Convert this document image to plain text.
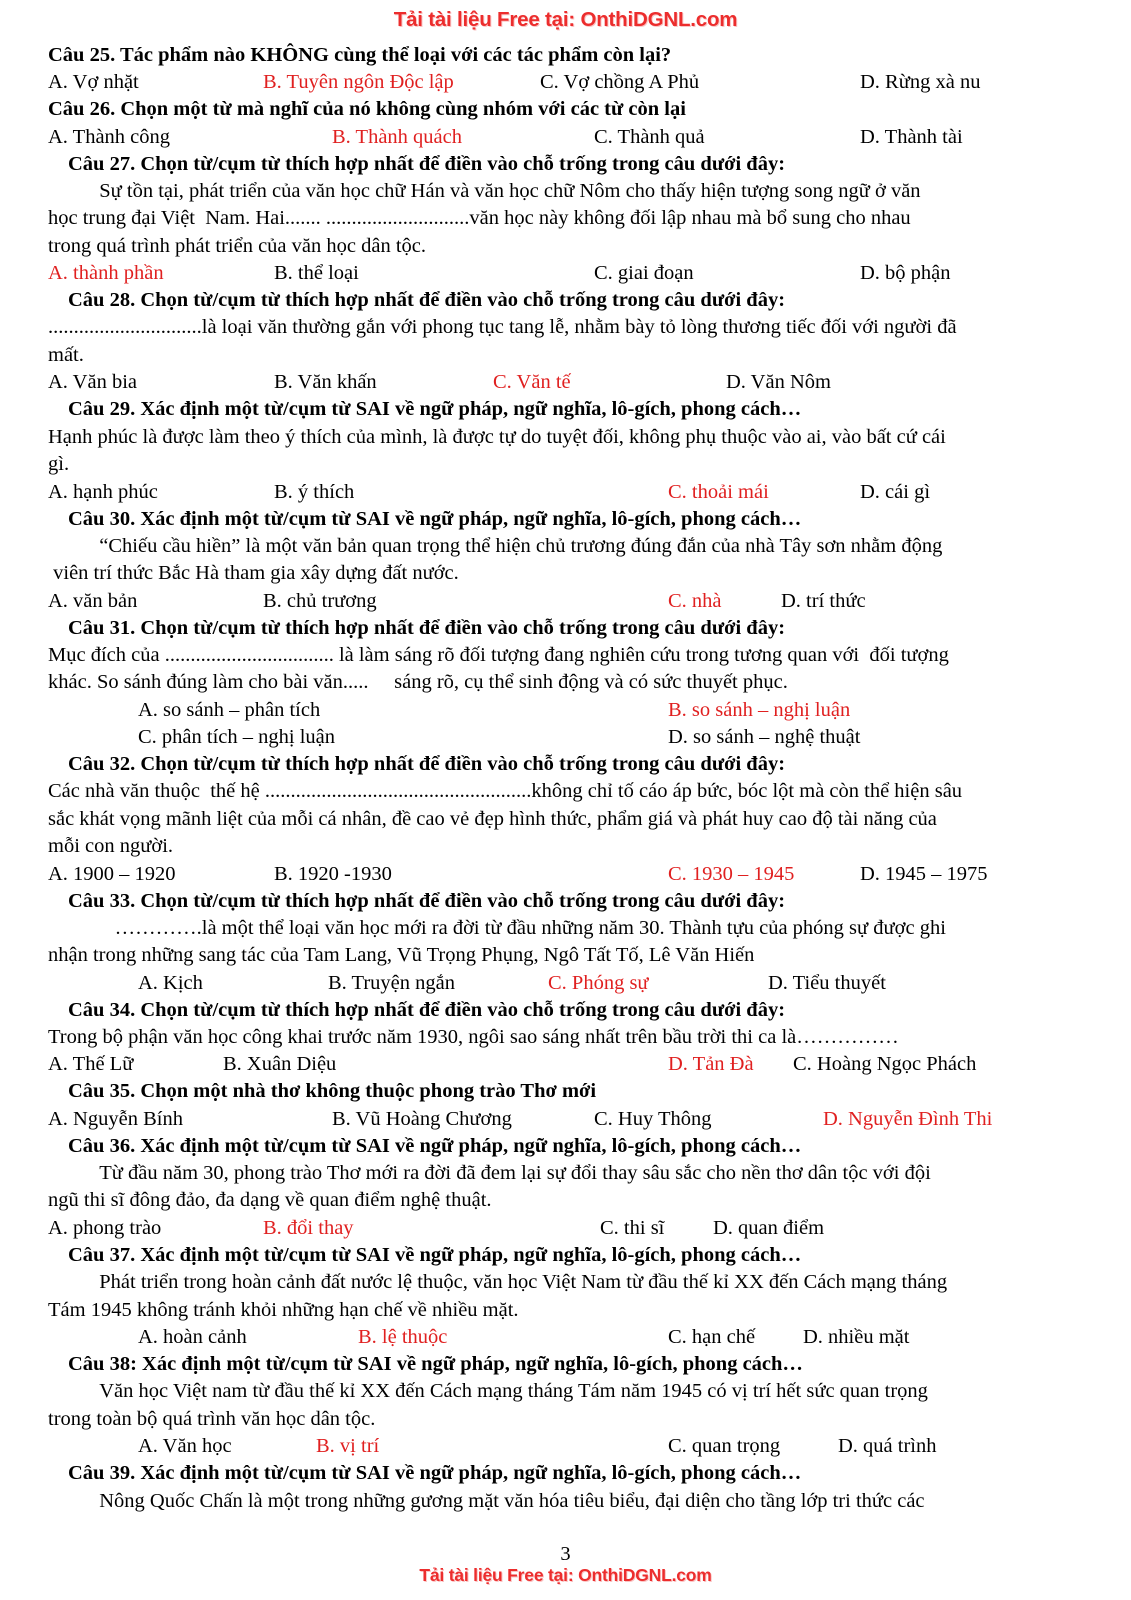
Tải tài liệu Free tại: OnthiDGNL.com
Câu 25. Tác phẩm nào KHÔNG cùng thể loại với các tác phẩm còn lại?
A. Vợ nhặt	B. Tuyên ngôn Độc lập	C. Vợ chồng A Phủ	D. Rừng xà nu
Câu 26. Chọn một từ mà nghĩ của nó không cùng nhóm với các từ còn lại
A. Thành công	B. Thành quách	C. Thành quả	D. Thành tài
Câu 27. Chọn từ/cụm từ thích hợp nhất để điền vào chỗ trống trong câu dưới đây:
Sự tồn tại, phát triển của văn học chữ Hán và văn học chữ Nôm cho thấy hiện tượng song ngữ ở văn
học trung đại Việt  Nam. Hai....... ............................văn học này không đối lập nhau mà bổ sung cho nhau
trong quá trình phát triển của văn học dân tộc.
A. thành phần	B. thể loại	C. giai đoạn	D. bộ phận
Câu 28. Chọn từ/cụm từ thích hợp nhất để điền vào chỗ trống trong câu dưới đây:
..............................là loại văn thường gắn với phong tục tang lễ, nhằm bày tỏ lòng thương tiếc đối với người đã
mất.
A. Văn bia	B. Văn khấn	C. Văn tế	D. Văn Nôm
Câu 29. Xác định một từ/cụm từ SAI về ngữ pháp, ngữ nghĩa, lô-gích, phong cách…
Hạnh phúc là được làm theo ý thích của mình, là được tự do tuyệt đối, không phụ thuộc vào ai, vào bất cứ cái
gì.
A. hạnh phúc	B. ý thích	C. thoải mái	D. cái gì
Câu 30. Xác định một từ/cụm từ SAI về ngữ pháp, ngữ nghĩa, lô-gích, phong cách…
“Chiếu cầu hiền” là một văn bản quan trọng thể hiện chủ trương đúng đắn của nhà Tây sơn nhằm động
viên trí thức Bắc Hà tham gia xây dựng đất nước.
A. văn bản	B. chủ trương	C. nhà	D. trí thức
Câu 31. Chọn từ/cụm từ thích hợp nhất để điền vào chỗ trống trong câu dưới đây:
Mục đích của ................................. là làm sáng rõ đối tượng đang nghiên cứu trong tương quan với  đối tượng
khác. So sánh đúng làm cho bài văn.....     sáng rõ, cụ thể sinh động và có sức thuyết phục.
A. so sánh – phân tích	B. so sánh – nghị luận
C. phân tích – nghị luận	D. so sánh – nghệ thuật
Câu 32. Chọn từ/cụm từ thích hợp nhất để điền vào chỗ trống trong câu dưới đây:
Các nhà văn thuộc  thế hệ ....................................................không chỉ tố cáo áp bức, bóc lột mà còn thể hiện sâu
sắc khát vọng mãnh liệt của mỗi cá nhân, đề cao vẻ đẹp hình thức, phẩm giá và phát huy cao độ tài năng của
mỗi con người.
A. 1900 – 1920	B. 1920 -1930	C. 1930 – 1945	D. 1945 – 1975
Câu 33. Chọn từ/cụm từ thích hợp nhất để điền vào chỗ trống trong câu dưới đây:
………….là một thể loại văn học mới ra đời từ đầu những năm 30. Thành tựu của phóng sự được ghi
nhận trong những sang tác của Tam Lang, Vũ Trọng Phụng, Ngô Tất Tố, Lê Văn Hiến
A. Kịch	B. Truyện ngắn	C. Phóng sự	D. Tiểu thuyết
Câu 34. Chọn từ/cụm từ thích hợp nhất để điền vào chỗ trống trong câu dưới đây:
Trong bộ phận văn học công khai trước năm 1930, ngôi sao sáng nhất trên bầu trời thi ca là……………
A. Thế Lữ	B. Xuân Diệu	D. Tản Đà C. Hoàng Ngọc Phách
Câu 35. Chọn một nhà thơ không thuộc phong trào Thơ mới
A. Nguyễn Bính	B. Vũ Hoàng Chương	C. Huy Thông	D. Nguyễn Đình Thi
Câu 36. Xác định một từ/cụm từ SAI về ngữ pháp, ngữ nghĩa, lô-gích, phong cách…
Từ đầu năm 30, phong trào Thơ mới ra đời đã đem lại sự đổi thay sâu sắc cho nền thơ dân tộc với đội
ngũ thi sĩ đông đảo, đa dạng về quan điểm nghệ thuật.
A. phong trào	B. đổi thay	C. thi sĩ D. quan điểm
Câu 37. Xác định một từ/cụm từ SAI về ngữ pháp, ngữ nghĩa, lô-gích, phong cách…
Phát triển trong hoàn cảnh đất nước lệ thuộc, văn học Việt Nam từ đầu thế kỉ XX đến Cách mạng tháng
Tám 1945 không tránh khỏi những hạn chế về nhiều mặt.
A. hoàn cảnh	B. lệ thuộc	C. hạn chế D. nhiều mặt
Câu 38: Xác định một từ/cụm từ SAI về ngữ pháp, ngữ nghĩa, lô-gích, phong cách…
Văn học Việt nam từ đầu thế kỉ XX đến Cách mạng tháng Tám năm 1945 có vị trí hết sức quan trọng
trong toàn bộ quá trình văn học dân tộc.
A. Văn học	B. vị trí	C. quan trọng	D. quá trình
Câu 39. Xác định một từ/cụm từ SAI về ngữ pháp, ngữ nghĩa, lô-gích, phong cách…
Nông Quốc Chấn là một trong những gương mặt văn hóa tiêu biểu, đại diện cho tầng lớp tri thức các
3
Tải tài liệu Free tại: OnthiDGNL.com
